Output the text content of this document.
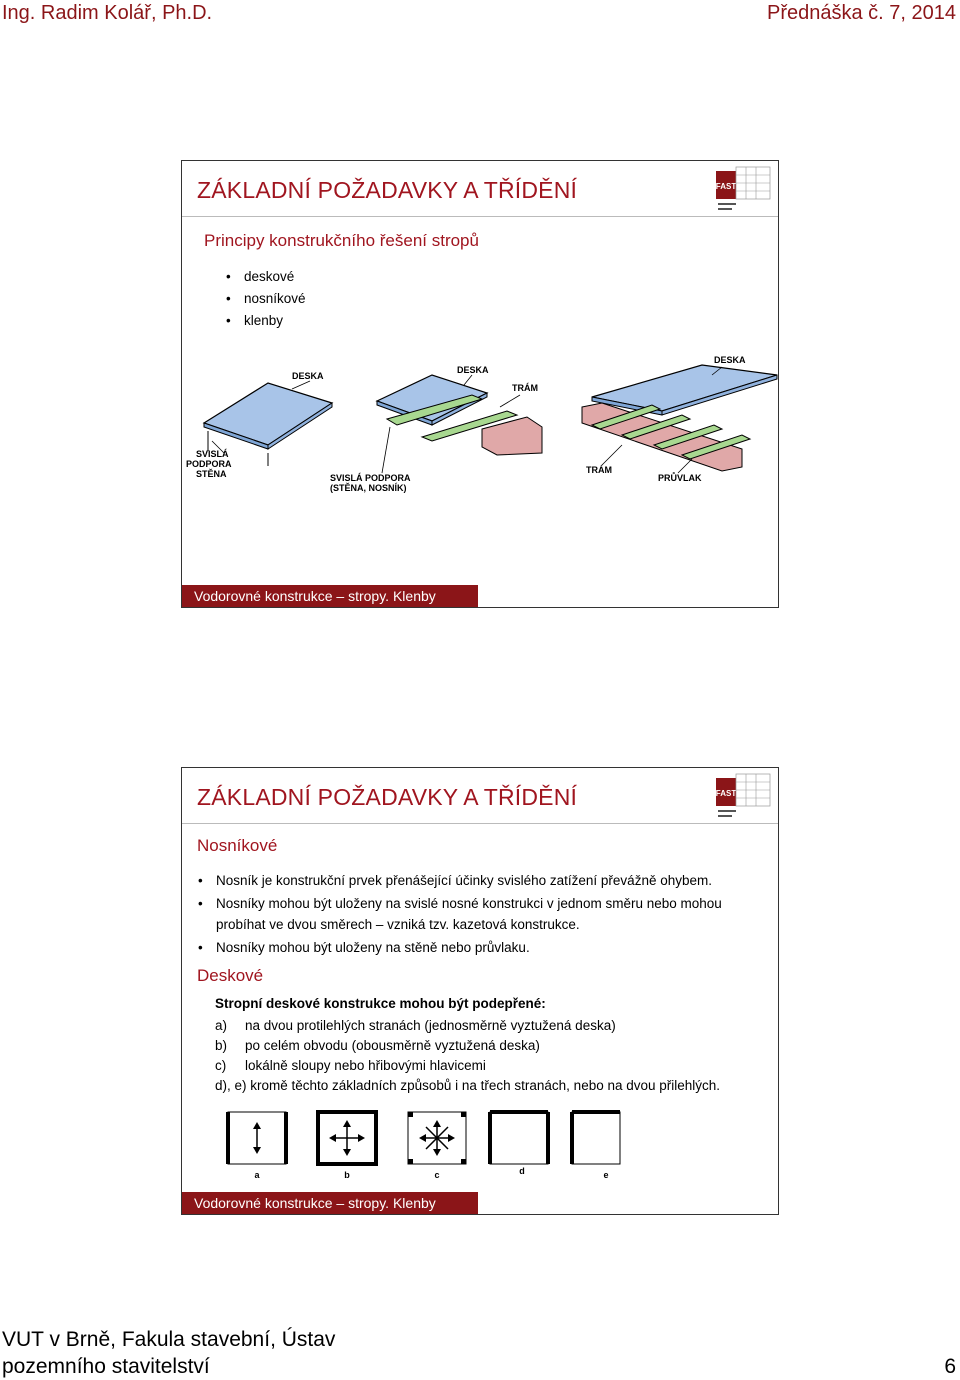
Ing. Radim Kolář, Ph.D.	Přednáška č. 7, 2014
ZÁKLADNÍ POŽADAVKY A TŘÍDĚNÍ	FAST
Principy konstrukčního řešení stropů
• deskové
• nosníkové
• klenby
DESKA
SVISLÁ
PODPORA
STĚNA
DESKA
TRÁM
SVISLÁ PODPORA
(STĚNA, NOSNÍK)
DESKA
TRÁM
PRŮVLAK
Vodorovné konstrukce – stropy. Klenby
ZÁKLADNÍ POŽADAVKY A TŘÍDĚNÍ	FAST
Nosníkové
• Nosník je konstrukční prvek přenášející účinky svislého zatížení převážně ohybem.
• Nosníky mohou být uloženy na svislé nosné konstrukci v jednom směru nebo mohou probíhat ve dvou směrech – vzniká tzv. kazetová konstrukce.
• Nosníky mohou být uloženy na stěně nebo průvlaku.
Deskové
Stropní deskové konstrukce mohou být podepřené:
a) na dvou protilehlých stranách (jednosměrně vyztužená deska)
b) po celém obvodu (obousměrně vyztužená deska)
c) lokálně sloupy nebo hřibovými hlavicemi
d), e) kromě těchto základních způsobů i na třech stranách, nebo na dvou přilehlých.
a	b	c	d	e
Vodorovné konstrukce – stropy. Klenby
VUT v Brně, Fakula stavební, Ústav
pozemního stavitelství	6
